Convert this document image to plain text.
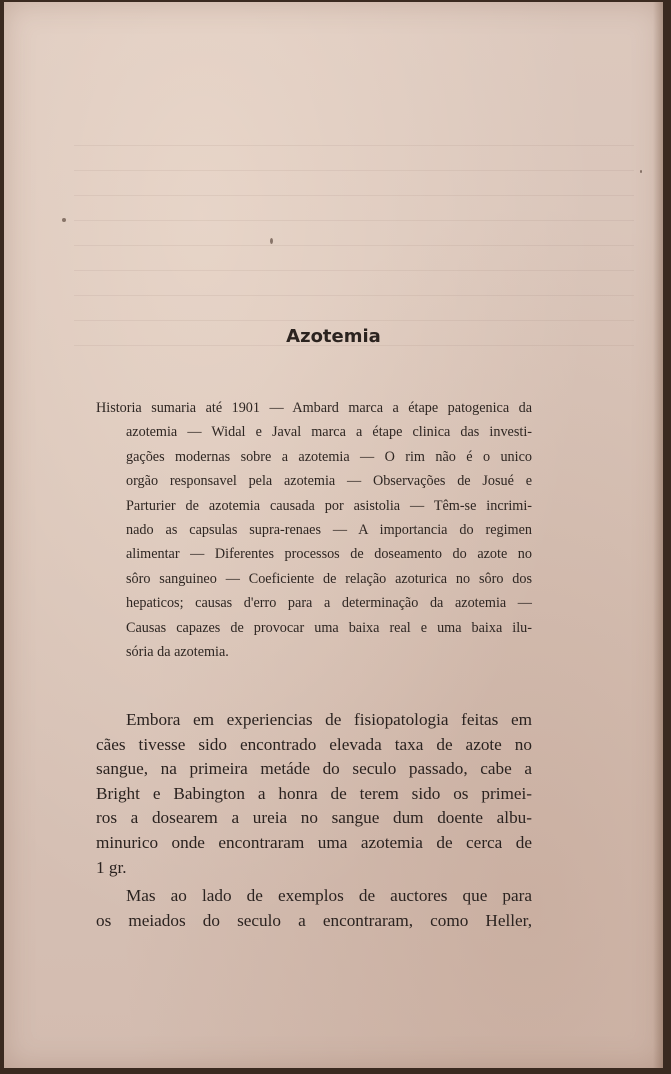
Azotemia
Historia sumaria até 1901 — Ambard marca a étape patogenica da
azotemia — Widal e Javal marca a étape clinica das investi-
gações modernas sobre a azotemia — O rim não é o unico
orgão responsavel pela azotemia — Observações de Josué e
Parturier de azotemia causada por asistolia — Têm-se incrimi-
nado as capsulas supra-renaes — A importancia do regimen
alimentar — Diferentes processos de doseamento do azote no
sôro sanguineo — Coeficiente de relação azoturica no sôro dos
hepaticos; causas d'erro para a determinação da azotemia —
Causas capazes de provocar uma baixa real e uma baixa ilu-
sória da azotemia.
Embora em experiencias de fisiopatologia feitas em
cães tivesse sido encontrado elevada taxa de azote no
sangue, na primeira metáde do seculo passado, cabe a
Bright e Babington a honra de terem sido os primei-
ros a dosearem a ureia no sangue dum doente albu-
minurico onde encontraram uma azotemia de cerca de
1 gr.
Mas ao lado de exemplos de auctores que para
os meiados do seculo a encontraram, como Heller,
